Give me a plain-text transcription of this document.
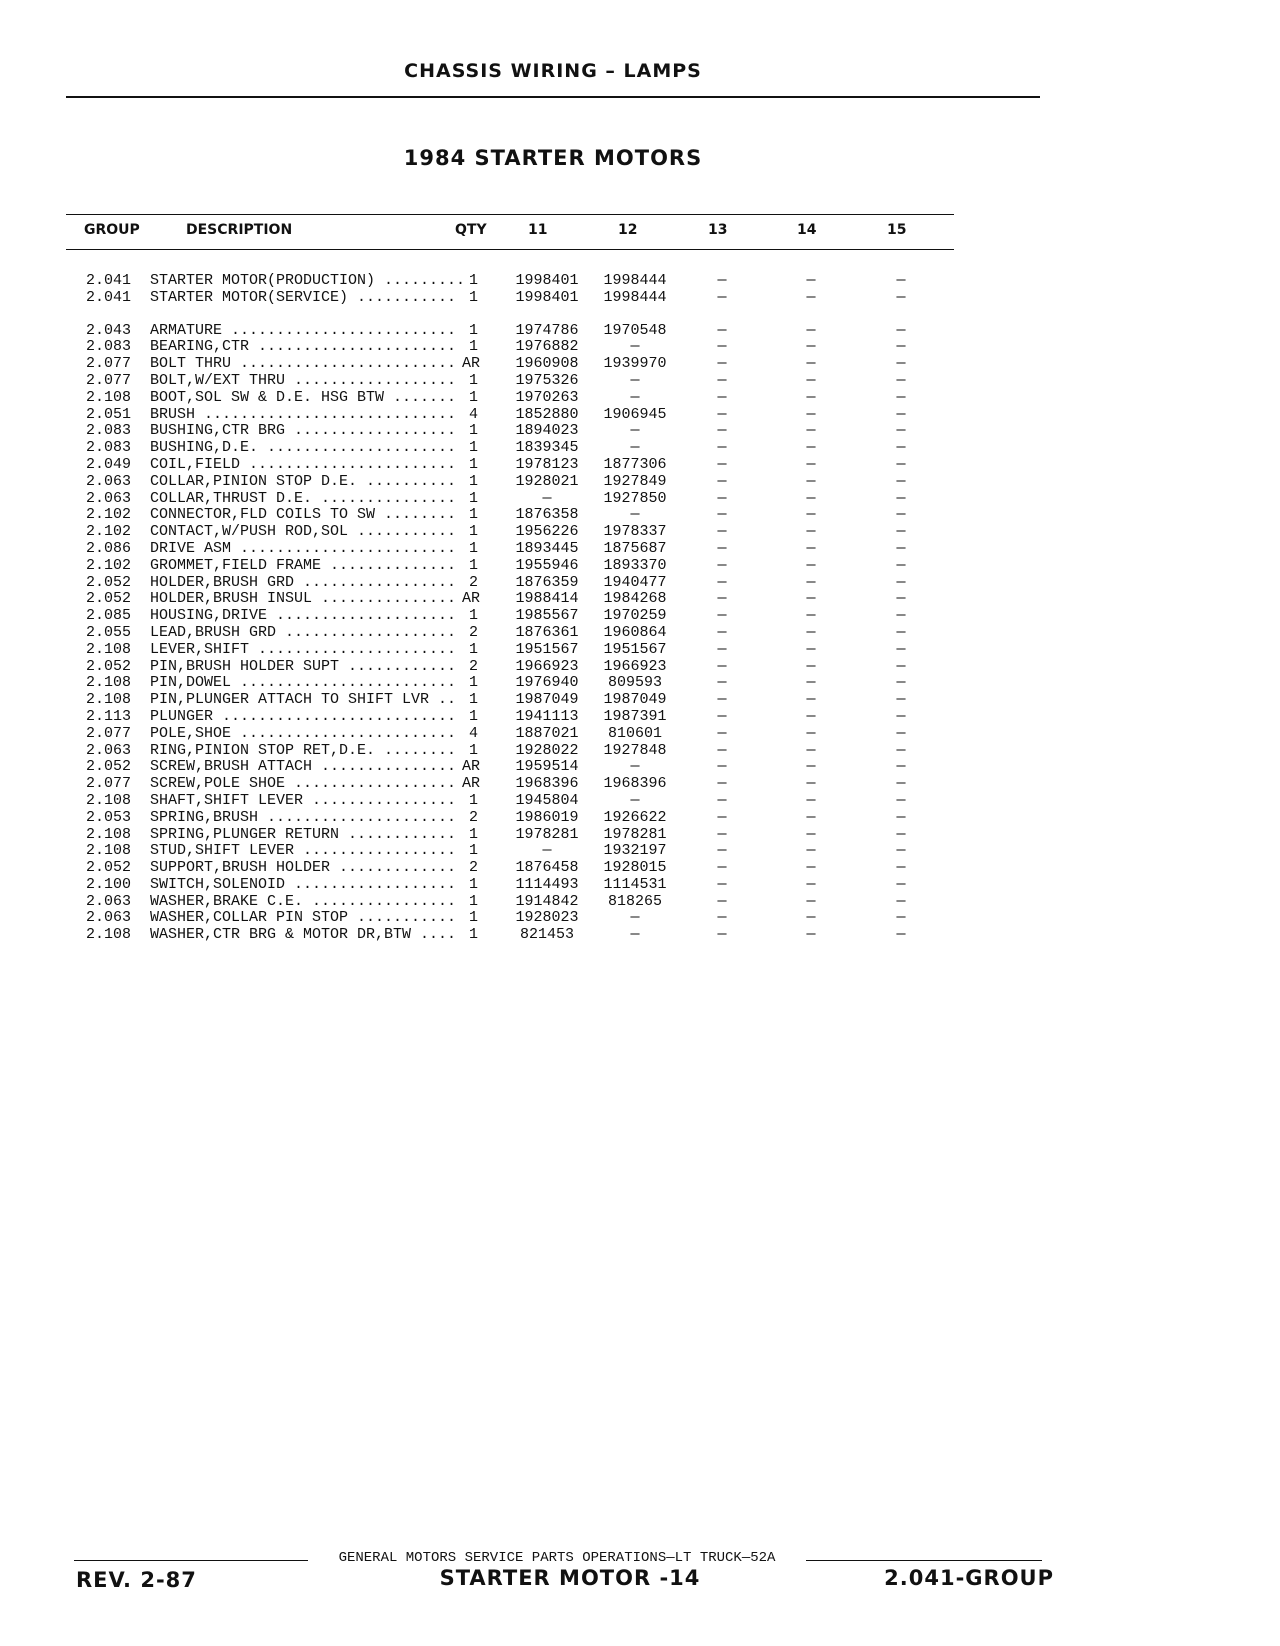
CHASSIS WIRING – LAMPS
1984 STARTER MOTORS
GROUP	DESCRIPTION	QTY	11	12	13	14	15
2.041 STARTER MOTOR(PRODUCTION) ......... 1	1998401	1998444	—	—	—
2.041 STARTER MOTOR(SERVICE) ........... 1	1998401	1998444	—	—	—
2.043 ARMATURE ......................... 1	1974786	1970548	—	—	—
2.083 BEARING,CTR ...................... 1	1976882	—	—	—	—
2.077 BOLT THRU ........................ AR	1960908	1939970	—	—	—
2.077 BOLT,W/EXT THRU .................. 1	1975326	—	—	—	—
2.108 BOOT,SOL SW & D.E. HSG BTW ....... 1	1970263	—	—	—	—
2.051 BRUSH ............................ 4	1852880	1906945	—	—	—
2.083 BUSHING,CTR BRG .................. 1	1894023	—	—	—	—
2.083 BUSHING,D.E. ..................... 1	1839345	—	—	—	—
2.049 COIL,FIELD ....................... 1	1978123	1877306	—	—	—
2.063 COLLAR,PINION STOP D.E. .......... 1	1928021	1927849	—	—	—
2.063 COLLAR,THRUST D.E. ............... 1	—	1927850	—	—	—
2.102 CONNECTOR,FLD COILS TO SW ........ 1	1876358	—	—	—	—
2.102 CONTACT,W/PUSH ROD,SOL ........... 1	1956226	1978337	—	—	—
2.086 DRIVE ASM ........................ 1	1893445	1875687	—	—	—
2.102 GROMMET,FIELD FRAME .............. 1	1955946	1893370	—	—	—
2.052 HOLDER,BRUSH GRD ................. 2	1876359	1940477	—	—	—
2.052 HOLDER,BRUSH INSUL ............... AR	1988414	1984268	—	—	—
2.085 HOUSING,DRIVE .................... 1	1985567	1970259	—	—	—
2.055 LEAD,BRUSH GRD ................... 2	1876361	1960864	—	—	—
2.108 LEVER,SHIFT ...................... 1	1951567	1951567	—	—	—
2.052 PIN,BRUSH HOLDER SUPT ............ 2	1966923	1966923	—	—	—
2.108 PIN,DOWEL ........................ 1	1976940	809593	—	—	—
2.108 PIN,PLUNGER ATTACH TO SHIFT LVR .. 1	1987049	1987049	—	—	—
2.113 PLUNGER .......................... 1	1941113	1987391	—	—	—
2.077 POLE,SHOE ........................ 4	1887021	810601	—	—	—
2.063 RING,PINION STOP RET,D.E. ........ 1	1928022	1927848	—	—	—
2.052 SCREW,BRUSH ATTACH ............... AR	1959514	—	—	—	—
2.077 SCREW,POLE SHOE .................. AR	1968396	1968396	—	—	—
2.108 SHAFT,SHIFT LEVER ................ 1	1945804	—	—	—	—
2.053 SPRING,BRUSH ..................... 2	1986019	1926622	—	—	—
2.108 SPRING,PLUNGER RETURN ............ 1	1978281	1978281	—	—	—
2.108 STUD,SHIFT LEVER ................. 1	—	1932197	—	—	—
2.052 SUPPORT,BRUSH HOLDER ............. 2	1876458	1928015	—	—	—
2.100 SWITCH,SOLENOID .................. 1	1114493	1114531	—	—	—
2.063 WASHER,BRAKE C.E. ................ 1	1914842	818265	—	—	—
2.063 WASHER,COLLAR PIN STOP ........... 1	1928023	—	—	—	—
2.108 WASHER,CTR BRG & MOTOR DR,BTW .... 1	821453	—	—	—	—
GENERAL MOTORS SERVICE PARTS OPERATIONS—LT TRUCK—52A
REV. 2-87	STARTER MOTOR -14	2.041-GROUP
